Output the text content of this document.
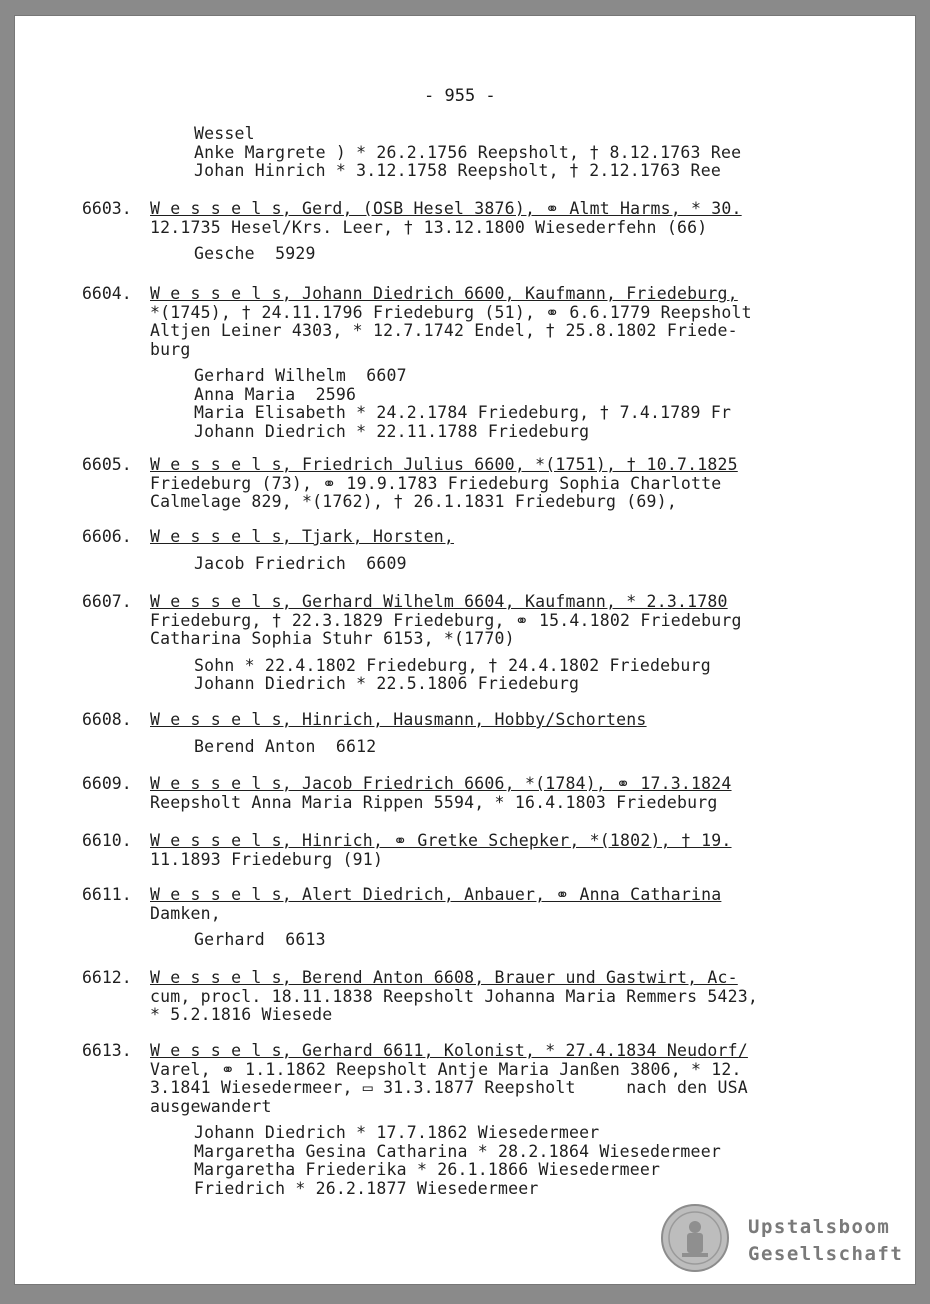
- 955 -
Wessel
Anke Margrete ) * 26.2.1756 Reepsholt, † 8.12.1763 Ree
Johan Hinrich * 3.12.1758 Reepsholt, † 2.12.1763 Ree
6603. W e s s e l s, Gerd, (OSB Hesel 3876), ⚭ Almt Harms, * 30.
12.1735 Hesel/Krs. Leer, † 13.12.1800 Wiesederfehn (66)
Gesche  5929
6604. W e s s e l s, Johann Diedrich 6600, Kaufmann, Friedeburg,
*(1745), † 24.11.1796 Friedeburg (51), ⚭ 6.6.1779 Reepsholt
Altjen Leiner 4303, * 12.7.1742 Endel, † 25.8.1802 Friede-
burg
Gerhard Wilhelm  6607
Anna Maria  2596
Maria Elisabeth * 24.2.1784 Friedeburg, † 7.4.1789 Fr
Johann Diedrich * 22.11.1788 Friedeburg
6605. W e s s e l s, Friedrich Julius 6600, *(1751), † 10.7.1825
Friedeburg (73), ⚭ 19.9.1783 Friedeburg Sophia Charlotte
Calmelage 829, *(1762), † 26.1.1831 Friedeburg (69),
6606. W e s s e l s, Tjark, Horsten,
Jacob Friedrich  6609
6607. W e s s e l s, Gerhard Wilhelm 6604, Kaufmann, * 2.3.1780
Friedeburg, † 22.3.1829 Friedeburg, ⚭ 15.4.1802 Friedeburg
Catharina Sophia Stuhr 6153, *(1770)
Sohn * 22.4.1802 Friedeburg, † 24.4.1802 Friedeburg
Johann Diedrich * 22.5.1806 Friedeburg
6608. W e s s e l s, Hinrich, Hausmann, Hobby/Schortens
Berend Anton  6612
6609. W e s s e l s, Jacob Friedrich 6606, *(1784), ⚭ 17.3.1824
Reepsholt Anna Maria Rippen 5594, * 16.4.1803 Friedeburg
6610. W e s s e l s, Hinrich, ⚭ Gretke Schepker, *(1802), † 19.
11.1893 Friedeburg (91)
6611. W e s s e l s, Alert Diedrich, Anbauer, ⚭ Anna Catharina
Damken,
Gerhard  6613
6612. W e s s e l s, Berend Anton 6608, Brauer und Gastwirt, Ac-
cum, procl. 18.11.1838 Reepsholt Johanna Maria Remmers 5423,
* 5.2.1816 Wiesede
6613. W e s s e l s, Gerhard 6611, Kolonist, * 27.4.1834 Neudorf/
Varel, ⚭ 1.1.1862 Reepsholt Antje Maria Janßen 3806, * 12.
3.1841 Wiesedermeer, ▭ 31.3.1877 Reepsholt     nach den USA
ausgewandert
Johann Diedrich * 17.7.1862 Wiesedermeer
Margaretha Gesina Catharina * 28.2.1864 Wiesedermeer
Margaretha Friederika * 26.1.1866 Wiesedermeer
Friedrich * 26.2.1877 Wiesedermeer
Upstalsboom
Gesellschaft
